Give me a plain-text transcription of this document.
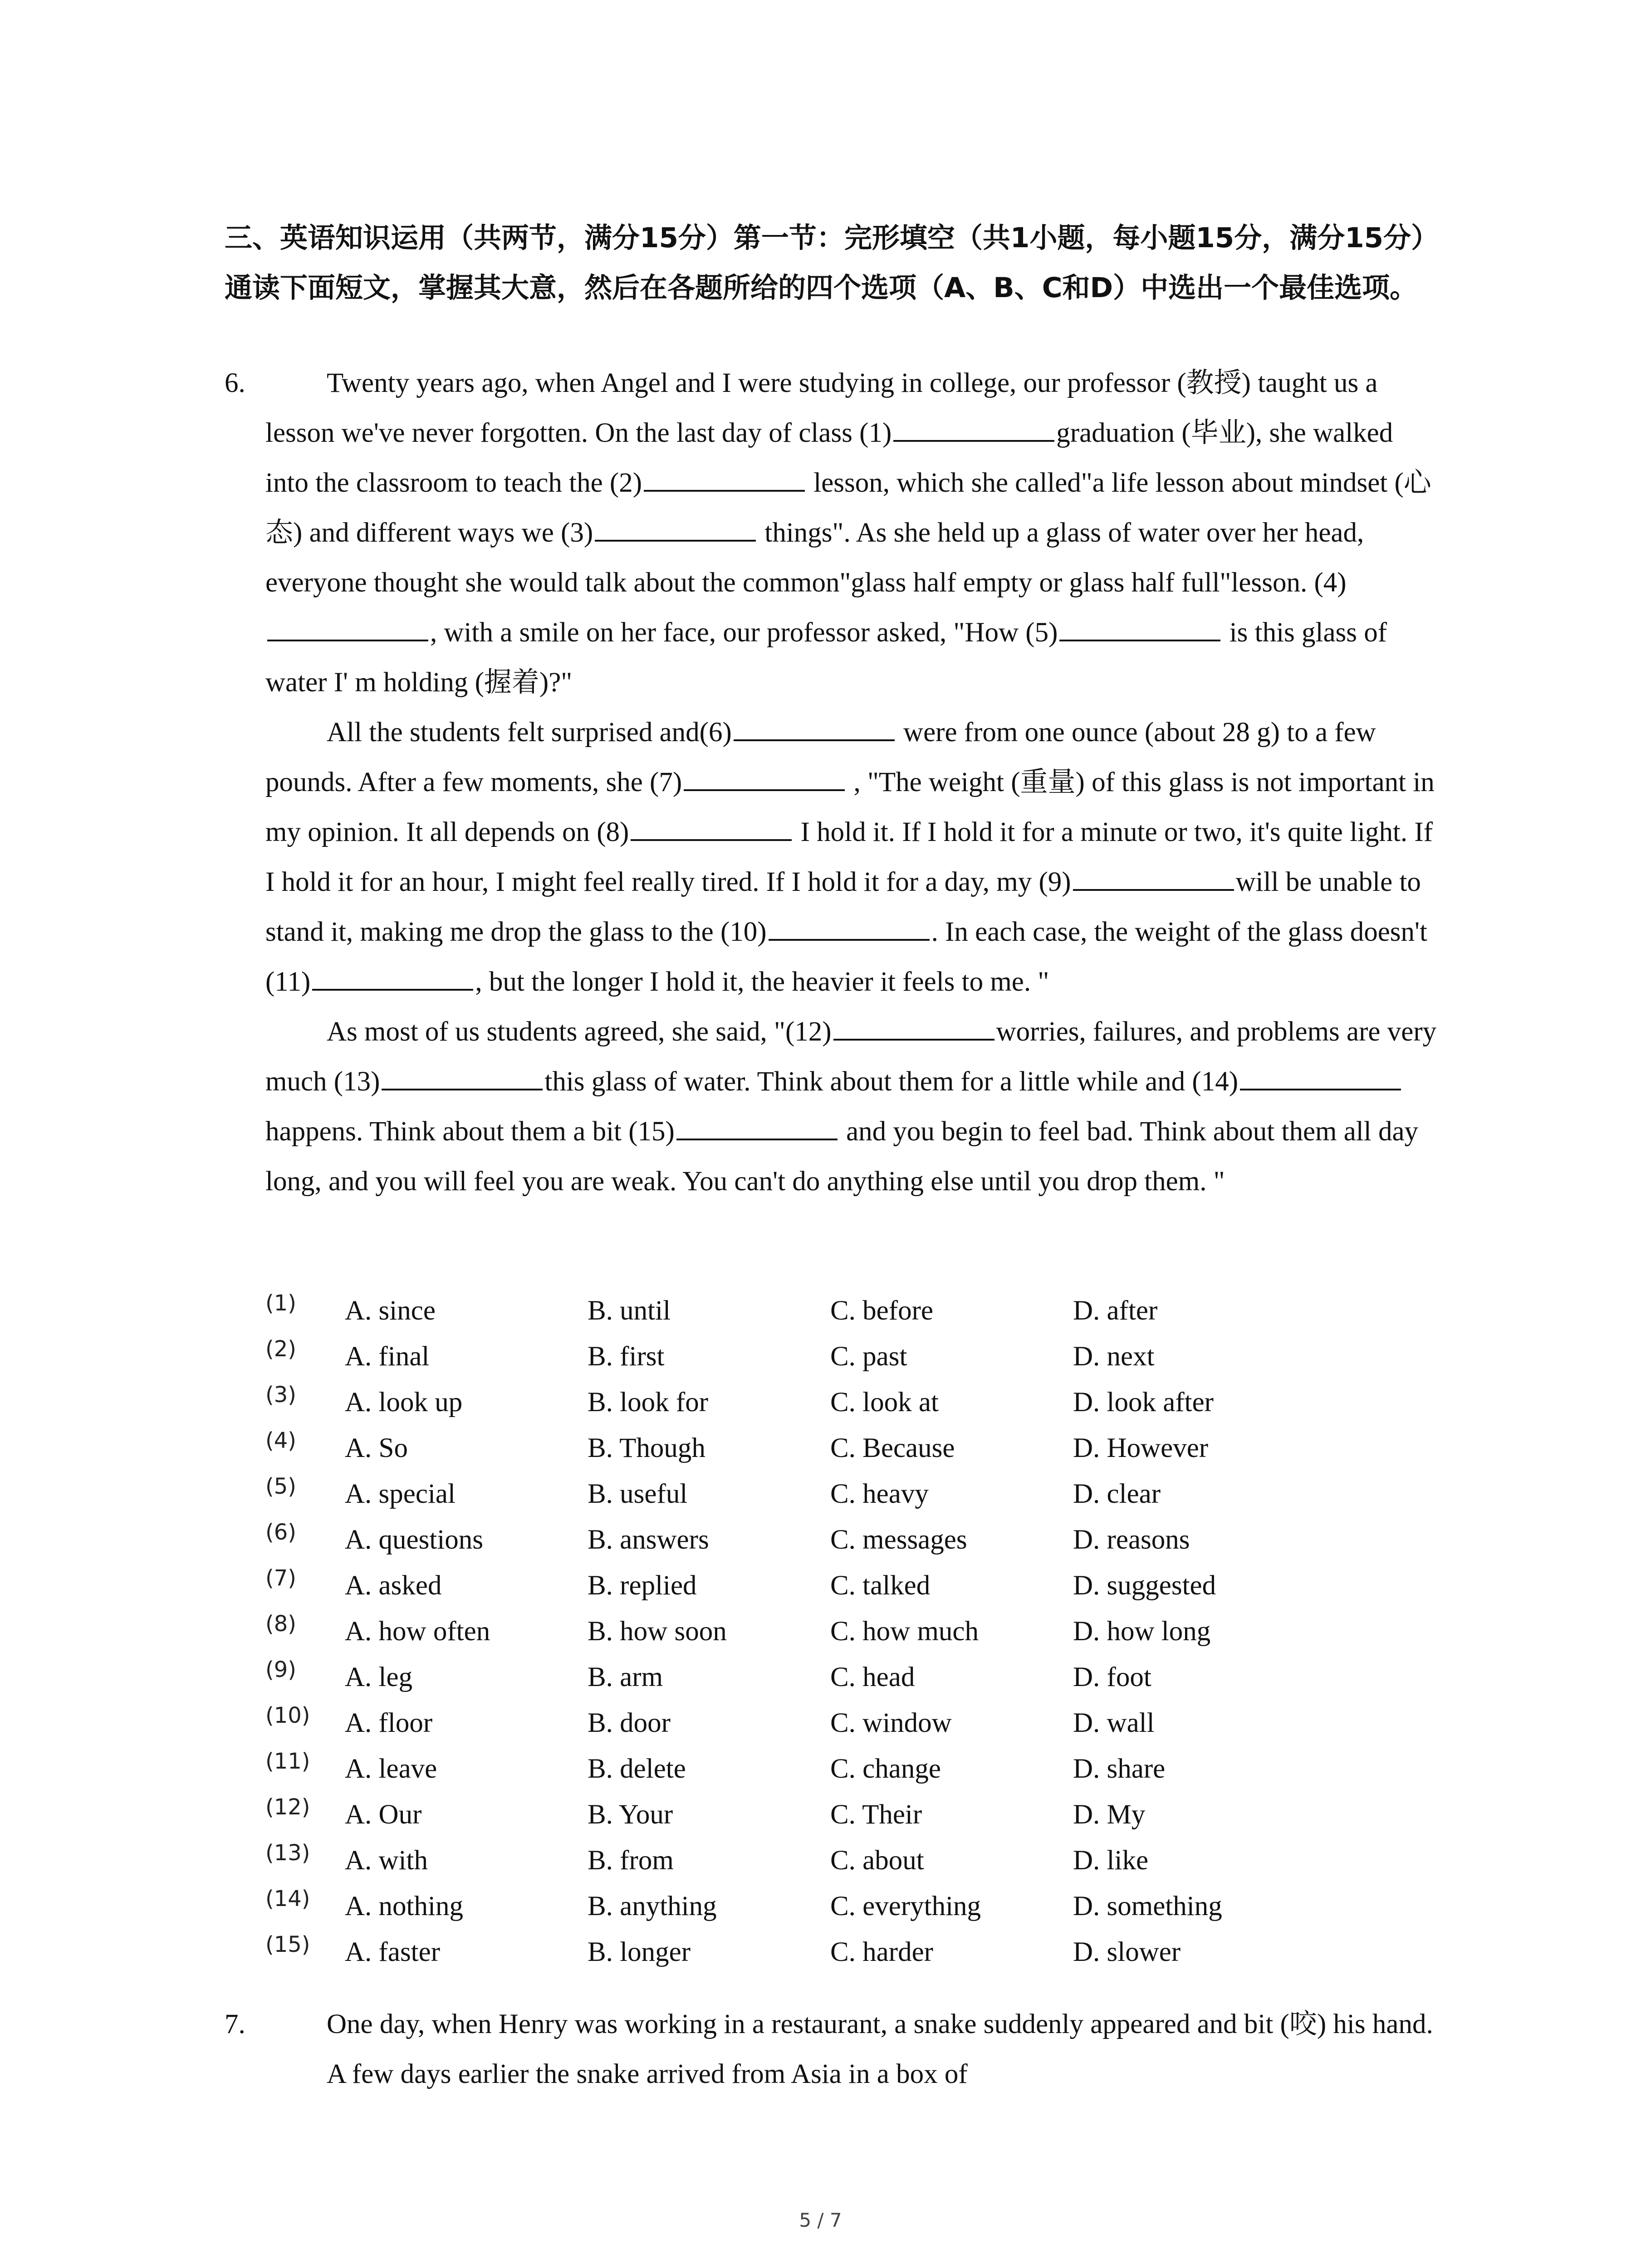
三、英语知识运用（共两节，满分15分）第一节：完形填空（共1小题，每小题15分，满分15分）通读下面短文，掌握其大意，然后在各题所给的四个选项（A、B、C和D）中选出一个最佳选项。
6.	Twenty years ago, when Angel and I were studying in college, our professor (教授) taught us a lesson we've never forgotten. On the last day of class (1)	graduation (毕业), she walked into the classroom to teach the (2)	lesson, which she called"a life lesson about mindset (心态) and different ways we (3)	things". As she held up a glass of water over her head, everyone thought she would talk about the common"glass half empty or glass half full"lesson. (4), with a smile on her face, our professor asked, "How (5)	is this glass of water I' m holding (握着)?"

All the students felt surprised and(6)	were from one ounce (about 28 g) to a few pounds. After a few moments, she (7)	, "The weight (重量) of this glass is not important in my opinion. It all depends on (8)	I hold it. If I hold it for a minute or two, it's quite light. If I hold it for an hour, I might feel really tired. If I hold it for a day, my (9)	will be unable to stand it, making me drop the glass to the (10)	. In each case, the weight of the glass doesn't (11)	, but the longer I hold it, the heavier it feels to me. "

As most of us students agreed, she said, "(12)	worries, failures, and problems are very much (13)	this glass of water. Think about them for a little while and (14) happens. Think about them a bit (15)	and you begin to feel bad. Think about them all day long, and you will feel you are weak. You can't do anything else until you drop them. "

(1) A. since	B. until	C. before	D. after
(2) A. final	B. first	C. past	D. next
(3) A. look up	B. look for	C. look at	D. look after
(4) A. So	B. Though	C. Because	D. However
(5) A. special	B. useful	C. heavy	D. clear
(6) A. questions	B. answers	C. messages	D. reasons
(7) A. asked	B. replied	C. talked	D. suggested
(8) A. how often	B. how soon	C. how much	D. how long
(9) A. leg	B. arm	C. head	D. foot
(10) A. floor	B. door	C. window	D. wall
(11) A. leave	B. delete	C. change	D. share
(12) A. Our	B. Your	C. Their	D. My
(13) A. with	B. from	C. about	D. like
(14) A. nothing	B. anything	C. everything	D. something
(15) A. faster	B. longer	C. harder	D. slower
7.	One day, when Henry was working in a restaurant, a snake suddenly appeared and bit (咬) his hand.

A few days earlier the snake arrived from Asia in a box of

5 / 7
